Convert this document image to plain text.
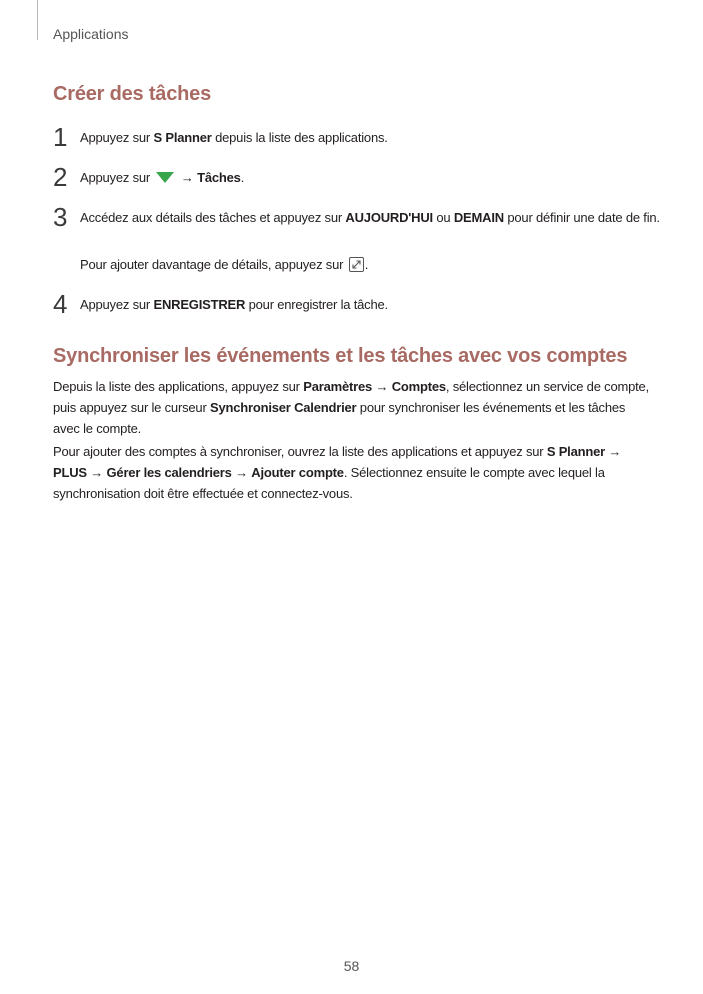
Applications
Créer des tâches
1 Appuyez sur S Planner depuis la liste des applications.
2 Appuyez sur  → Tâches.
3 Accédez aux détails des tâches et appuyez sur AUJOURD'HUI ou DEMAIN pour définir une date de fin.
Pour ajouter davantage de détails, appuyez sur
.
4 Appuyez sur ENREGISTRER pour enregistrer la tâche.
Synchroniser les événements et les tâches avec vos comptes
Depuis la liste des applications, appuyez sur Paramètres → Comptes, sélectionnez un service de compte, puis appuyez sur le curseur Synchroniser Calendrier pour synchroniser les événements et les tâches avec le compte.
Pour ajouter des comptes à synchroniser, ouvrez la liste des applications et appuyez sur S Planner → PLUS → Gérer les calendriers → Ajouter compte. Sélectionnez ensuite le compte avec lequel la synchronisation doit être effectuée et connectez-vous.
58
